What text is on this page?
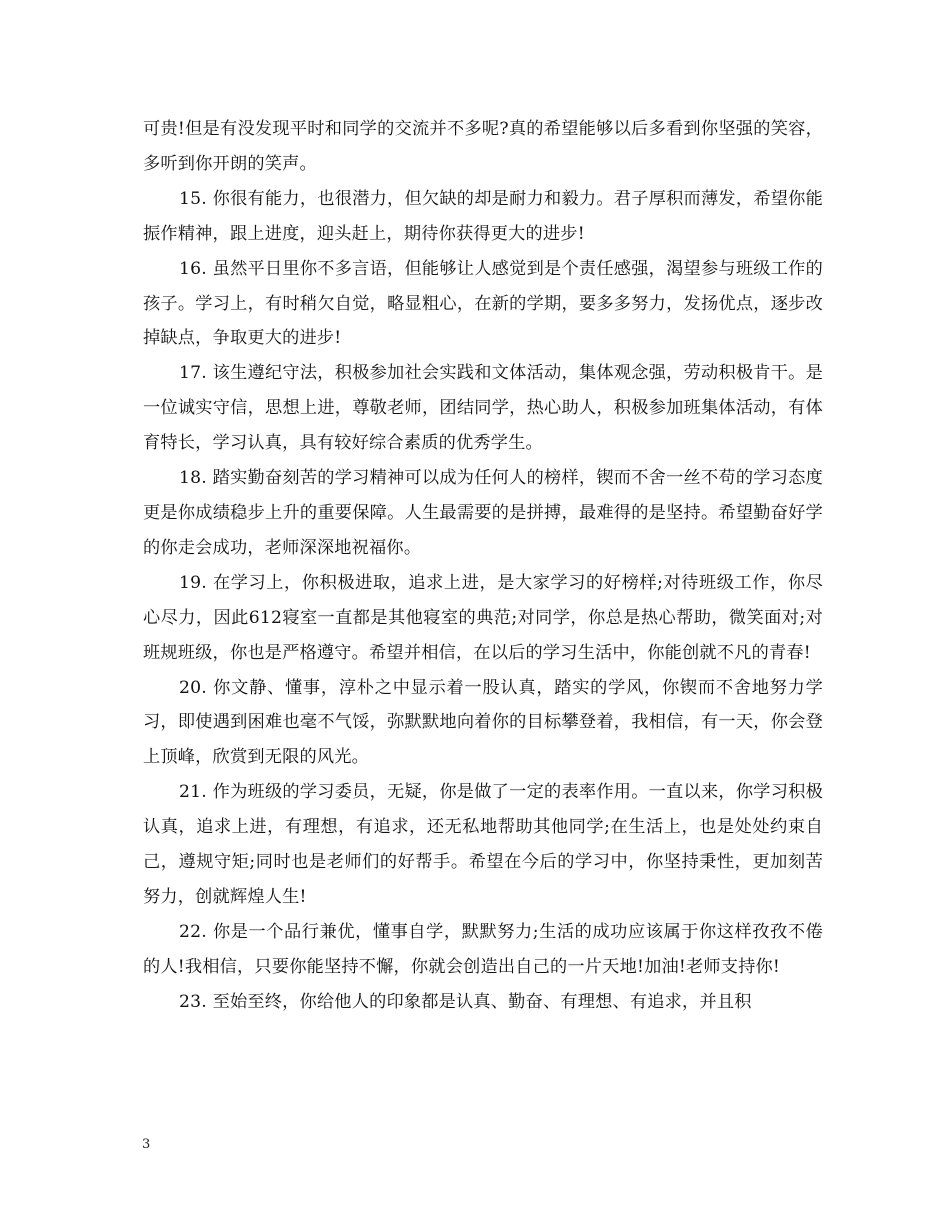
可贵!但是有没发现平时和同学的交流并不多呢?真的希望能够以后多看到你坚强的笑容，多听到你开朗的笑声。

15. 你很有能力，也很潜力，但欠缺的却是耐力和毅力。君子厚积而薄发，希望你能振作精神，跟上进度，迎头赶上，期待你获得更大的进步!

16. 虽然平日里你不多言语，但能够让人感觉到是个责任感强，渴望参与班级工作的孩子。学习上，有时稍欠自觉，略显粗心，在新的学期，要多多努力，发扬优点，逐步改掉缺点，争取更大的进步!

17. 该生遵纪守法，积极参加社会实践和文体活动，集体观念强，劳动积极肯干。是一位诚实守信，思想上进，尊敬老师，团结同学，热心助人，积极参加班集体活动，有体育特长，学习认真，具有较好综合素质的优秀学生。

18. 踏实勤奋刻苦的学习精神可以成为任何人的榜样，锲而不舍一丝不苟的学习态度更是你成绩稳步上升的重要保障。人生最需要的是拼搏，最难得的是坚持。希望勤奋好学的你走会成功，老师深深地祝福你。

19. 在学习上，你积极进取，追求上进，是大家学习的好榜样;对待班级工作，你尽心尽力，因此612寝室一直都是其他寝室的典范;对同学，你总是热心帮助，微笑面对;对班规班级，你也是严格遵守。希望并相信，在以后的学习生活中，你能创就不凡的青春!

20. 你文静、懂事，淳朴之中显示着一股认真，踏实的学风，你锲而不舍地努力学习，即使遇到困难也毫不气馁，弥默默地向着你的目标攀登着，我相信，有一天，你会登上顶峰，欣赏到无限的风光。

21. 作为班级的学习委员，无疑，你是做了一定的表率作用。一直以来，你学习积极认真，追求上进，有理想，有追求，还无私地帮助其他同学;在生活上，也是处处约束自己，遵规守矩;同时也是老师们的好帮手。希望在今后的学习中，你坚持秉性，更加刻苦努力，创就辉煌人生!

22. 你是一个品行兼优，懂事自学，默默努力;生活的成功应该属于你这样孜孜不倦的人!我相信，只要你能坚持不懈，你就会创造出自己的一片天地!加油!老师支持你!

23. 至始至终，你给他人的印象都是认真、勤奋、有理想、有追求，并且积

3
